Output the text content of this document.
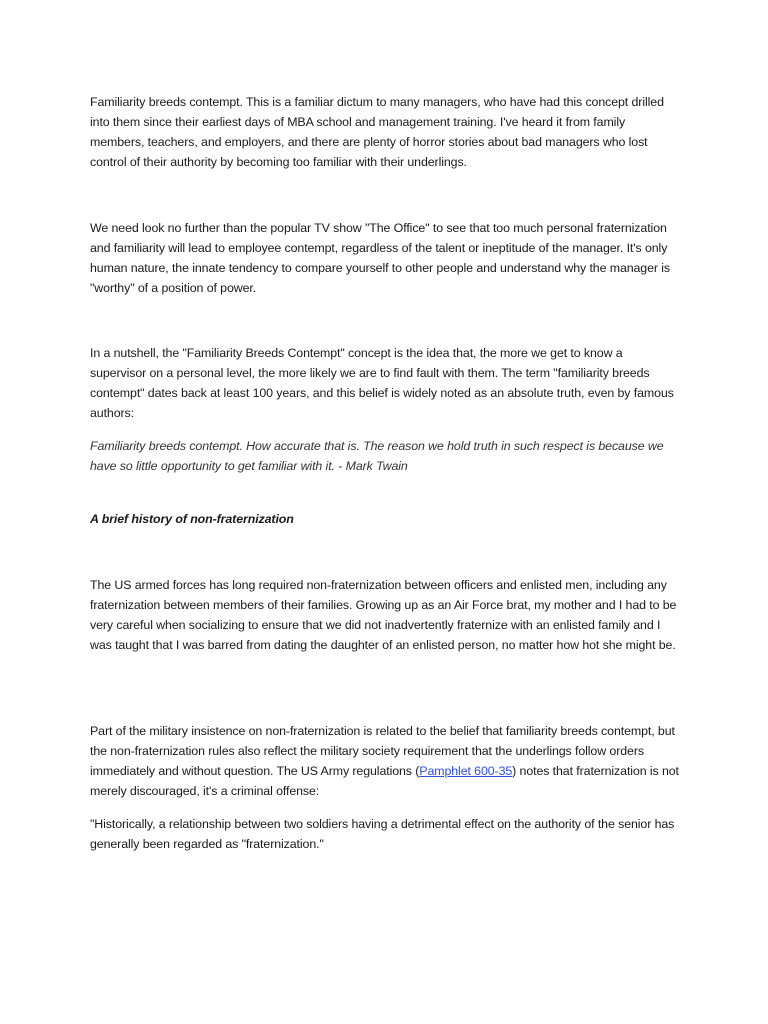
Familiarity breeds contempt. This is a familiar dictum to many managers, who have had this concept drilled into them since their earliest days of MBA school and management training. I've heard it from family members, teachers, and employers, and there are plenty of horror stories about bad managers who lost control of their authority by becoming too familiar with their underlings.

We need look no further than the popular TV show "The Office" to see that too much personal fraternization and familiarity will lead to employee contempt, regardless of the talent or ineptitude of the manager. It's only human nature, the innate tendency to compare yourself to other people and understand why the manager is "worthy" of a position of power.

In a nutshell, the "Familiarity Breeds Contempt" concept is the idea that, the more we get to know a supervisor on a personal level, the more likely we are to find fault with them. The term "familiarity breeds contempt" dates back at least 100 years, and this belief is widely noted as an absolute truth, even by famous authors:

Familiarity breeds contempt. How accurate that is. The reason we hold truth in such respect is because we have so little opportunity to get familiar with it. - Mark Twain

A brief history of non-fraternization

The US armed forces has long required non-fraternization between officers and enlisted men, including any fraternization between members of their families. Growing up as an Air Force brat, my mother and I had to be very careful when socializing to ensure that we did not inadvertently fraternize with an enlisted family and I was taught that I was barred from dating the daughter of an enlisted person, no matter how hot she might be.

Part of the military insistence on non-fraternization is related to the belief that familiarity breeds contempt, but the non-fraternization rules also reflect the military society requirement that the underlings follow orders immediately and without question. The US Army regulations (Pamphlet 600-35) notes that fraternization is not merely discouraged, it's a criminal offense:

"Historically, a relationship between two soldiers having a detrimental effect on the authority of the senior has generally been regarded as "fraternization."
